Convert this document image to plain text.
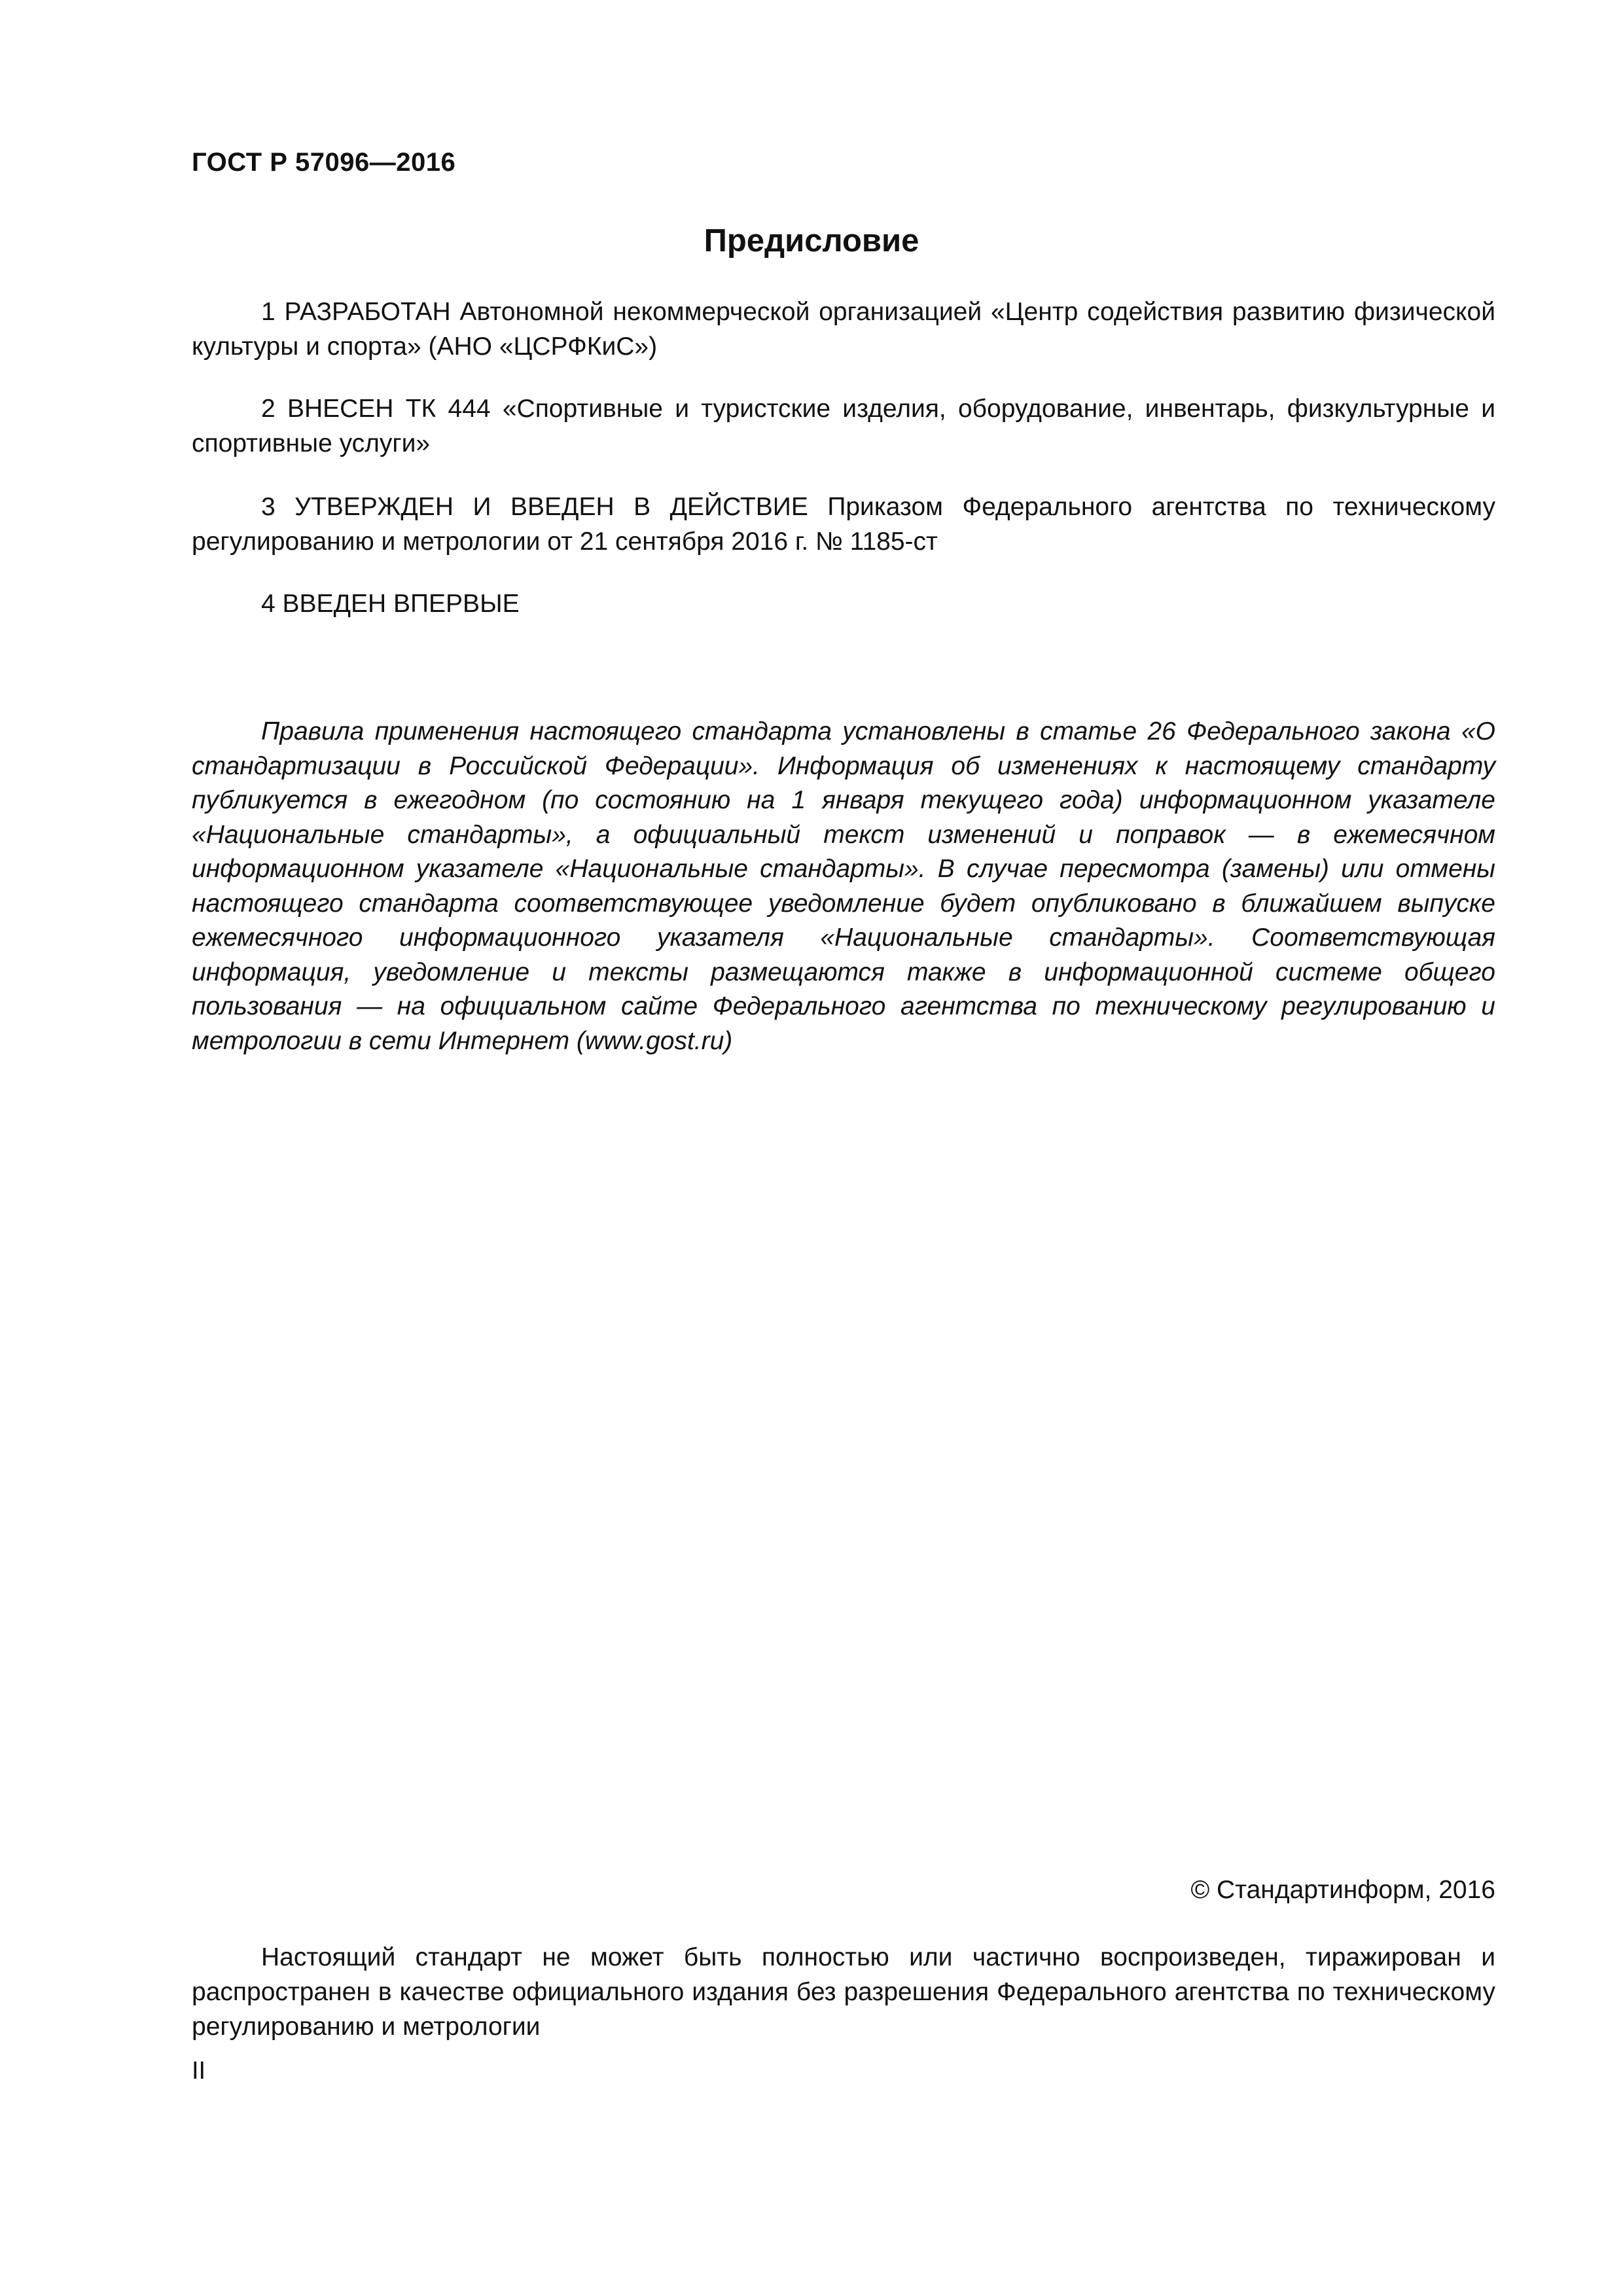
ГОСТ Р 57096—2016
Предисловие

1 РАЗРАБОТАН Автономной некоммерческой организацией «Центр содействия развитию физической культуры и спорта» (АНО «ЦСРФКиС»)

2 ВНЕСЕН ТК 444 «Спортивные и туристские изделия, оборудование, инвентарь, физкультурные и спортивные услуги»

3 УТВЕРЖДЕН И ВВЕДЕН В ДЕЙСТВИЕ Приказом Федерального агентства по техническому регулированию и метрологии от 21 сентября 2016 г. № 1185-ст

4 ВВЕДЕН ВПЕРВЫЕ

Правила применения настоящего стандарта установлены в статье 26 Федерального закона «О стандартизации в Российской Федерации». Информация об изменениях к настоящему стандарту публикуется в ежегодном (по состоянию на 1 января текущего года) информационном указателе «Национальные стандарты», а официальный текст изменений и поправок — в ежемесячном информационном указателе «Национальные стандарты». В случае пересмотра (замены) или отмены настоящего стандарта соответствующее уведомление будет опубликовано в ближайшем выпуске ежемесячного информационного указателя «Национальные стандарты». Соответствующая информация, уведомление и тексты размещаются также в информационной системе общего пользования — на официальном сайте Федерального агентства по техническому регулированию и метрологии в сети Интернет (www.gost.ru)

© Стандартинформ, 2016

Настоящий стандарт не может быть полностью или частично воспроизведен, тиражирован и распространен в качестве официального издания без разрешения Федерального агентства по техническому регулированию и метрологии

II
